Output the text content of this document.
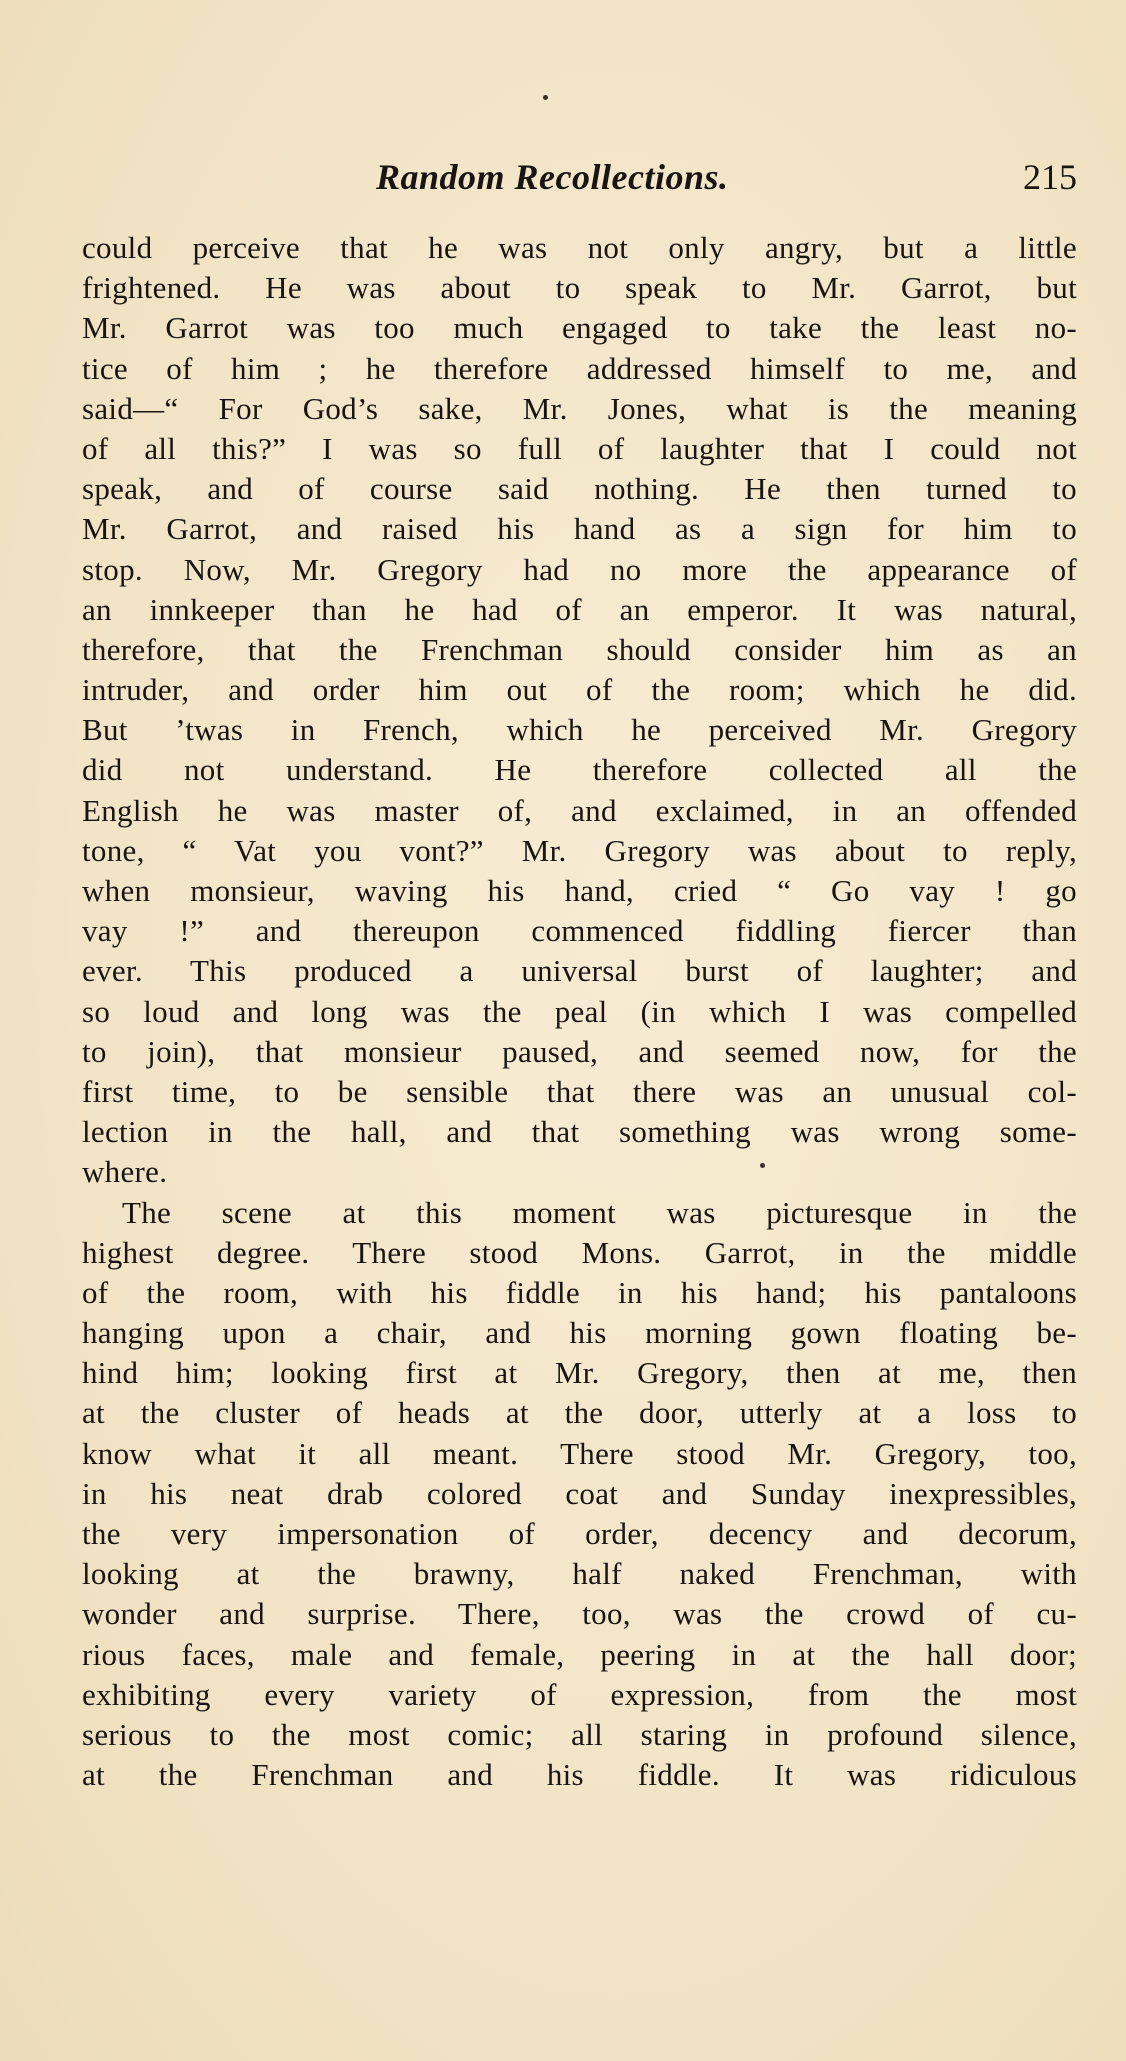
Random Recollections.	215
could perceive that he was not only angry, but a little
frightened. He was about to speak to Mr. Garrot, but
Mr. Garrot was too much engaged to take the least no-
tice of him ; he therefore addressed himself to me, and
said—“ For God’s sake, Mr. Jones, what is the meaning
of all this?” I was so full of laughter that I could not
speak, and of course said nothing. He then turned to
Mr. Garrot, and raised his hand as a sign for him to
stop. Now, Mr. Gregory had no more the appearance of
an innkeeper than he had of an emperor. It was natural,
therefore, that the Frenchman should consider him as an
intruder, and order him out of the room; which he did.
But ’twas in French, which he perceived Mr. Gregory
did not understand. He therefore collected all the
English he was master of, and exclaimed, in an offended
tone, “ Vat you vont?” Mr. Gregory was about to reply,
when monsieur, waving his hand, cried “ Go vay ! go
vay !” and thereupon commenced fiddling fiercer than
ever. This produced a universal burst of laughter; and
so loud and long was the peal (in which I was compelled
to join), that monsieur paused, and seemed now, for the
first time, to be sensible that there was an unusual col-
lection in the hall, and that something was wrong some-
where.
The scene at this moment was picturesque in the
highest degree. There stood Mons. Garrot, in the middle
of the room, with his fiddle in his hand; his pantaloons
hanging upon a chair, and his morning gown floating be-
hind him; looking first at Mr. Gregory, then at me, then
at the cluster of heads at the door, utterly at a loss to
know what it all meant. There stood Mr. Gregory, too,
in his neat drab colored coat and Sunday inexpressibles,
the very impersonation of order, decency and decorum,
looking at the brawny, half naked Frenchman, with
wonder and surprise. There, too, was the crowd of cu-
rious faces, male and female, peering in at the hall door;
exhibiting every variety of expression, from the most
serious to the most comic; all staring in profound silence,
at the Frenchman and his fiddle. It was ridiculous
